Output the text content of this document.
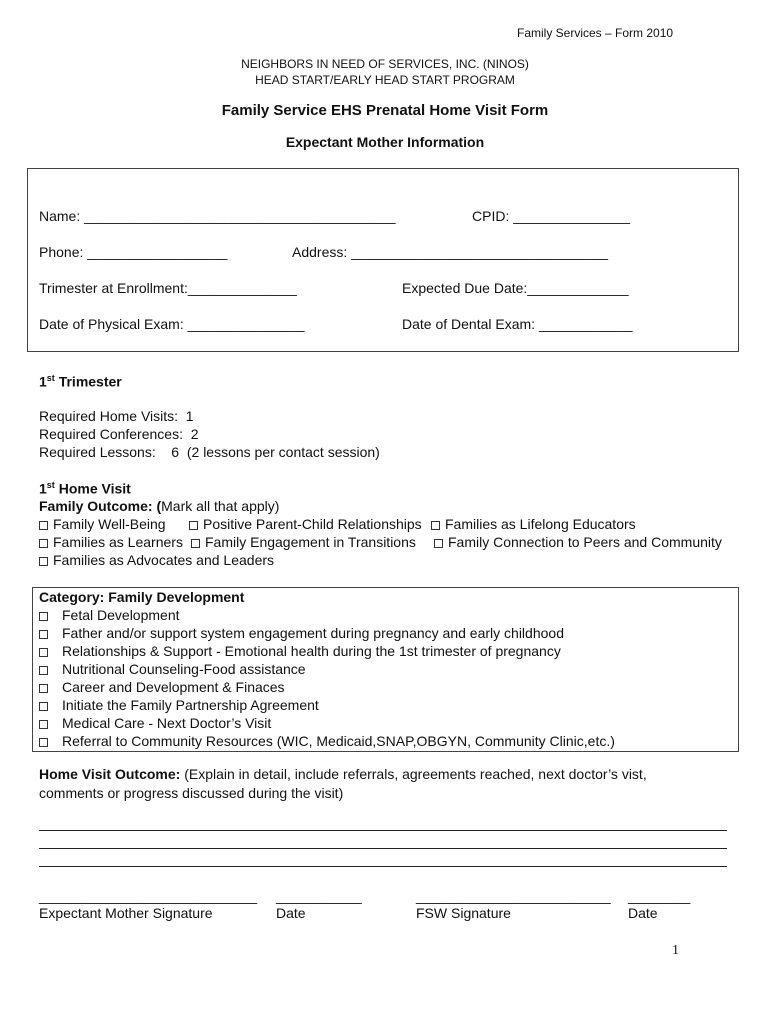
Family Services – Form 2010
NEIGHBORS IN NEED OF SERVICES, INC. (NINOS)
HEAD START/EARLY HEAD START PROGRAM
Family Service EHS Prenatal Home Visit Form
Expectant Mother Information
Name: ________________________________________	CPID: _______________
Phone: __________________	Address: _________________________________
Trimester at Enrollment:______________	Expected Due Date:_____________
Date of Physical Exam: _______________	Date of Dental Exam: ____________
1st Trimester
Required Home Visits:  1
Required Conferences:  2
Required Lessons:    6  (2 lessons per contact session)
1st Home Visit
Family Outcome: (Mark all that apply)
Family Well-Being	Positive Parent-Child Relationships	Families as Lifelong Educators
Families as Learners	Family Engagement in Transitions	Family Connection to Peers and Community
Families as Advocates and Leaders
Category: Family Development
Fetal Development
Father and/or support system engagement during pregnancy and early childhood
Relationships & Support - Emotional health during the 1st trimester of pregnancy
Nutritional Counseling-Food assistance
Career and Development & Finaces
Initiate the Family Partnership Agreement
Medical Care - Next Doctor’s Visit
Referral to Community Resources (WIC, Medicaid,SNAP,OBGYN, Community Clinic,etc.)
Home Visit Outcome: (Explain in detail, include referrals, agreements reached, next doctor’s vist,
comments or progress discussed during the visit)
____________________________
Expectant Mother Signature
___________
Date
_________________________
FSW Signature
________
Date
1
